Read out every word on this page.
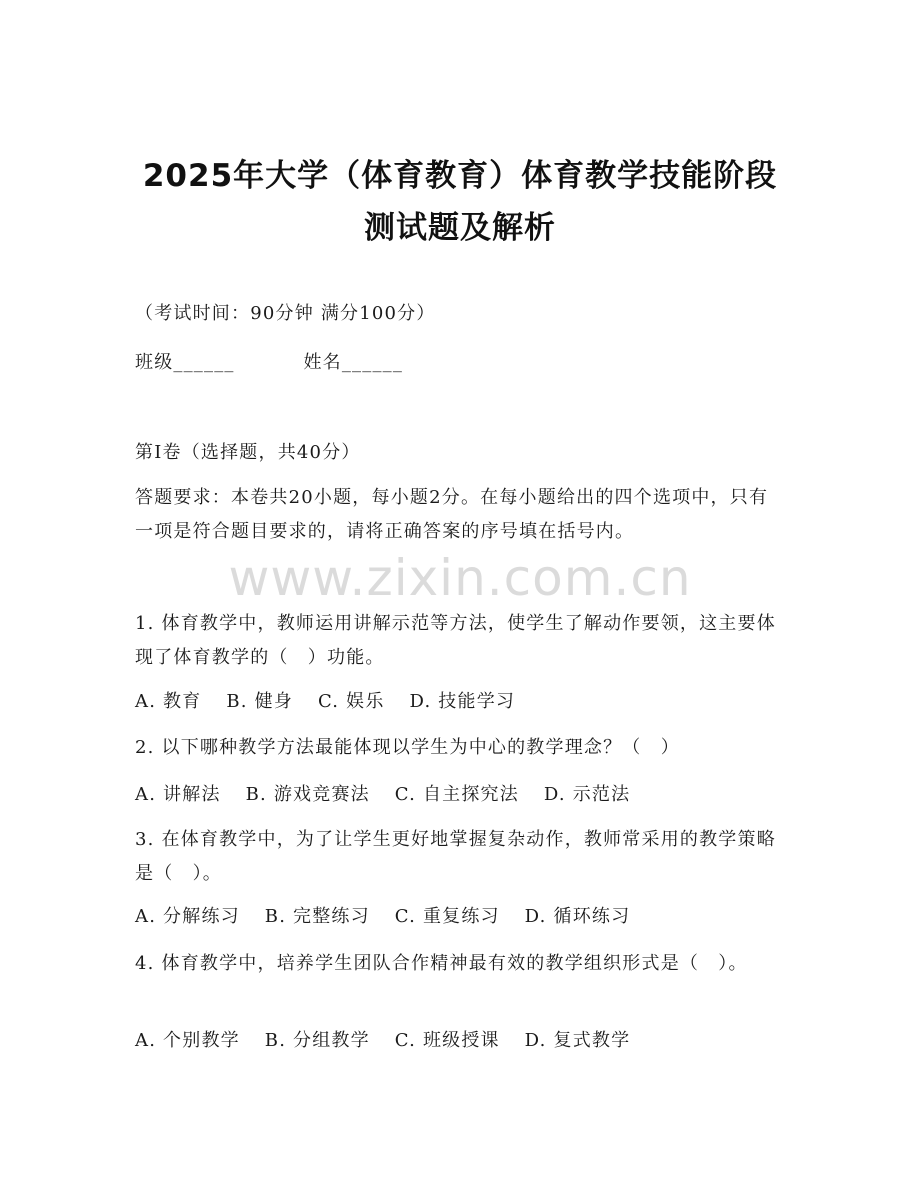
2025年大学（体育教育）体育教学技能阶段
测试题及解析
（考试时间：90分钟 满分100分）
班级______	姓名______
第I卷（选择题，共40分）
答题要求：本卷共20小题，每小题2分。在每小题给出的四个选项中，只有一项是符合题目要求的，请将正确答案的序号填在括号内。
www.zixin.com.cn
1. 体育教学中，教师运用讲解示范等方法，使学生了解动作要领，这主要体现了体育教学的（　）功能。
A. 教育 B. 健身 C. 娱乐 D. 技能学习
2. 以下哪种教学方法最能体现以学生为中心的教学理念？（　）
A. 讲解法 B. 游戏竞赛法 C. 自主探究法 D. 示范法
3. 在体育教学中，为了让学生更好地掌握复杂动作，教师常采用的教学策略是（　）。
A. 分解练习 B. 完整练习 C. 重复练习 D. 循环练习
4. 体育教学中，培养学生团队合作精神最有效的教学组织形式是（　）。
A. 个别教学 B. 分组教学 C. 班级授课 D. 复式教学
